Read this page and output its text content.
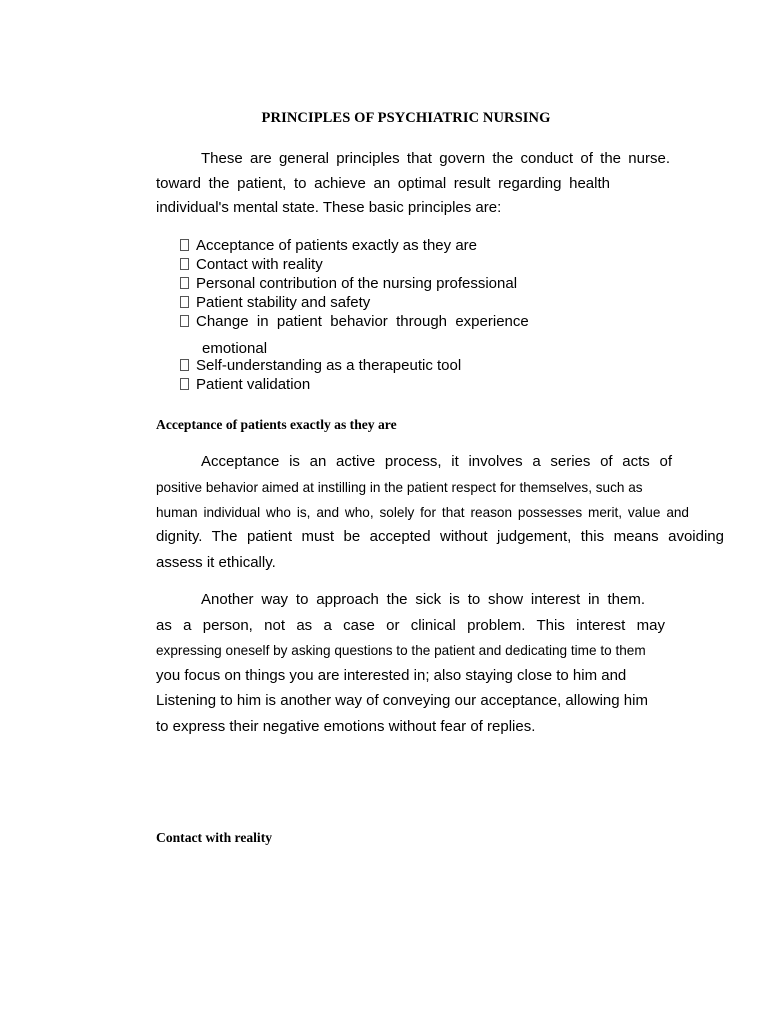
PRINCIPLES OF PSYCHIATRIC NURSING
These are general principles that govern the conduct of the nurse.
toward the patient, to achieve an optimal result regarding health
individual's mental state. These basic principles are:
Acceptance of patients exactly as they are
Contact with reality
Personal contribution of the nursing professional
Patient stability and safety
Change  in  patient  behavior  through  experience
emotional
Self-understanding as a therapeutic tool
Patient validation
Acceptance of patients exactly as they are
Acceptance is an active process, it involves a series of acts of
positive behavior aimed at instilling in the patient respect for themselves, such as
human individual who is, and who, solely for that reason possesses merit, value and
dignity. The patient must be accepted without judgement, this means avoiding
assess it ethically.
Another way to approach the sick is to show interest in them.
as a person, not as a case or clinical problem. This interest may
expressing oneself by asking questions to the patient and dedicating time to them
you focus on things you are interested in; also staying close to him and
Listening to him is another way of conveying our acceptance, allowing him
to express their negative emotions without fear of replies.
Contact with reality
